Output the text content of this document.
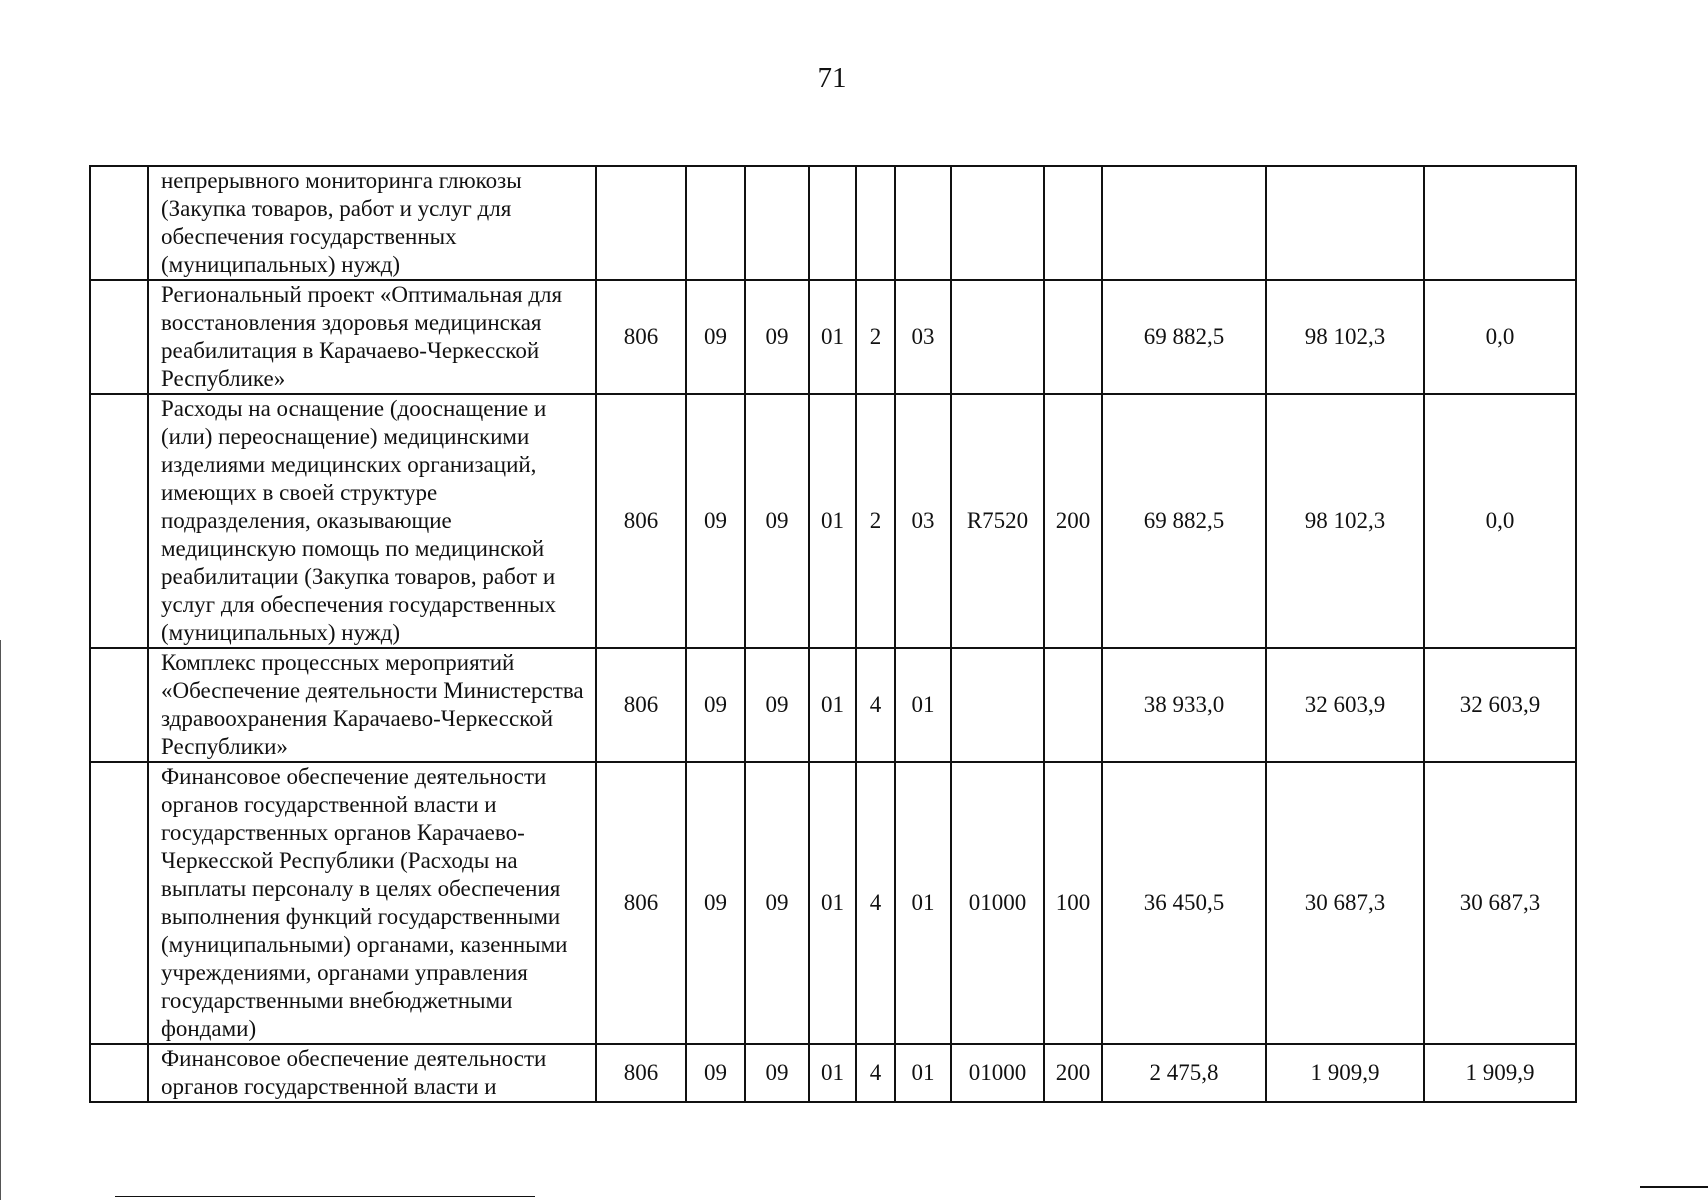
71

	непрерывного мониторинга глюкозы (Закупка товаров, работ и услуг для обеспечения государственных (муниципальных) нужд)											

	Региональный проект «Оптимальная для восстановления здоровья медицинская реабилитация в Карачаево-Черкесской Республике»	806	09	09	01	2	03			69 882,5	98 102,3	0,0

	Расходы на оснащение (дооснащение и (или) переоснащение) медицинскими изделиями медицинских организаций, имеющих в своей структуре подразделения, оказывающие медицинскую помощь по медицинской реабилитации (Закупка товаров, работ и услуг для обеспечения государственных (муниципальных) нужд)	806	09	09	01	2	03	R7520	200	69 882,5	98 102,3	0,0

	Комплекс процессных мероприятий «Обеспечение деятельности Министерства здравоохранения Карачаево-Черкесской Республики»	806	09	09	01	4	01			38 933,0	32 603,9	32 603,9

	Финансовое обеспечение деятельности органов государственной власти и государственных органов Карачаево-Черкесской Республики (Расходы на выплаты персоналу в целях обеспечения выполнения функций государственными (муниципальными) органами, казенными учреждениями, органами управления государственными внебюджетными фондами)	806	09	09	01	4	01	01000	100	36 450,5	30 687,3	30 687,3

	Финансовое обеспечение деятельности органов государственной власти и	806	09	09	01	4	01	01000	200	2 475,8	1 909,9	1 909,9
